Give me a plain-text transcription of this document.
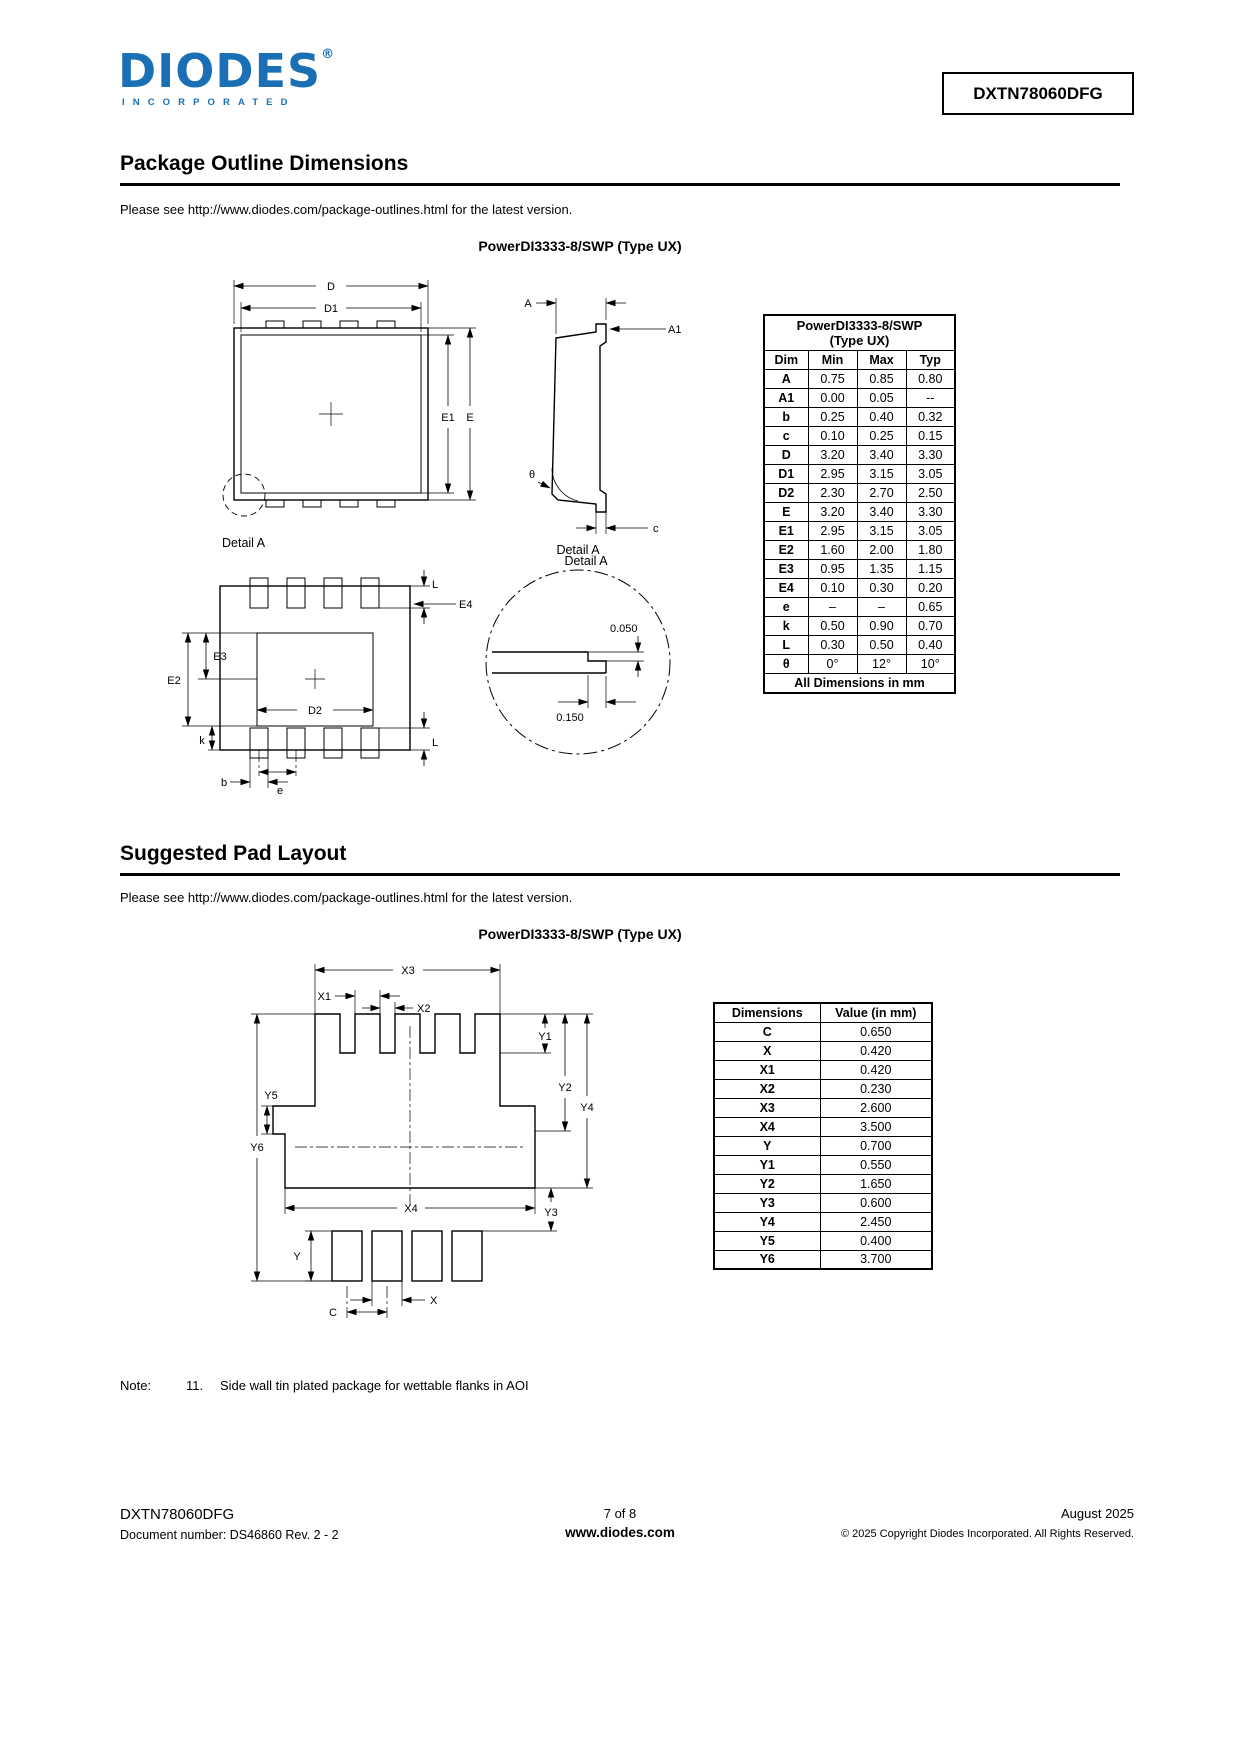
DIODES®
INCORPORATED	DXTN78060DFG
Package Outline Dimensions

Please see http://www.diodes.com/package-outlines.html for the latest version.

PowerDI3333-8/SWP (Type UX)

D
D1
E1 E
Detail A
A
A1
θ
c
Detail A
E2
E3
E4
L
L
D2
k
b
e
Detail A
0.050
0.150
PowerDI3333-8/SWP
(Type UX)			

Dim	Min	Max	Typ
A	0.75	0.85	0.80
A1	0.00	0.05	--
b	0.25	0.40	0.32
c	0.10	0.25	0.15
D	3.20	3.40	3.30
D1	2.95	3.15	3.05
D2	2.30	2.70	2.50
E	3.20	3.40	3.30
E1	2.95	3.15	3.05
E2	1.60	2.00	1.80
E3	0.95	1.35	1.15
E4	0.10	0.30	0.20
e	–	–	0.65
k	0.50	0.90	0.70
L	0.30	0.50	0.40
θ	0°	12°	10°
All Dimensions in mm			
Suggested Pad Layout

Please see http://www.diodes.com/package-outlines.html for the latest version.

PowerDI3333-8/SWP (Type UX)

X3
X1
X2
Y1
Y2
Y4
Y6
Y5
X4	Y3
Y
X
C
Dimensions	Value (in mm)
C	0.650
X	0.420
X1	0.420
X2	0.230
X3	2.600
X4	3.500
Y	0.700
Y1	0.550
Y2	1.650
Y3	0.600
Y4	2.450
Y5	0.400
Y6	3.700
Note:	11.	Side wall tin plated package for wettable flanks in AOI
DXTN78060DFG
Document number: DS46860 Rev. 2 - 2
7 of 8
www.diodes.com
August 2025
© 2025 Copyright Diodes Incorporated. All Rights Reserved.
